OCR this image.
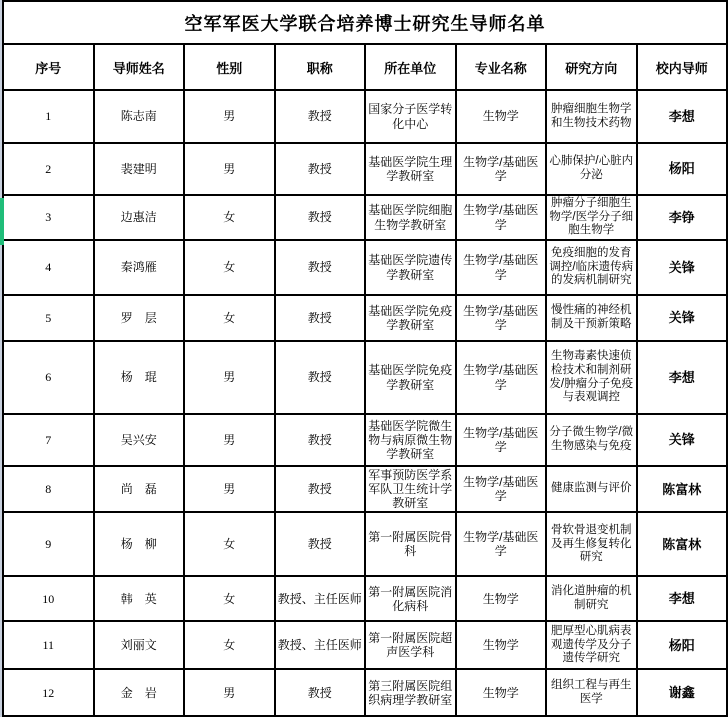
空军军医大学联合培养博士研究生导师名单							
序号	导师姓名	性别	职称	所在单位	专业名称	研究方向	校内导师
1	陈志南	男	教授	国家分子医学转化中心	生物学	肿瘤细胞生物学和生物技术药物	李想
2	裴建明	男	教授	基础医学院生理学教研室	生物学/基础医学	心肺保护/心脏内分泌	杨阳
3	边惠洁	女	教授	基础医学院细胞生物学教研室	生物学/基础医学	肿瘤分子细胞生物学/医学分子细胞生物学	李铮
4	秦鸿雁	女	教授	基础医学院遗传学教研室	生物学/基础医学	免疫细胞的发育调控/临床遗传病的发病机制研究	关锋
5	罗　层	女	教授	基础医学院免疫学教研室	生物学/基础医学	慢性痛的神经机制及干预新策略	关锋
6	杨　琨	男	教授	基础医学院免疫学教研室	生物学/基础医学	生物毒素快速侦检技术和制剂研发/肿瘤分子免疫与表观调控	李想
7	吴兴安	男	教授	基础医学院微生物与病原微生物学教研室	生物学/基础医学	分子微生物学/微生物感染与免疫	关锋
8	尚　磊	男	教授	军事预防医学系军队卫生统计学教研室	生物学/基础医学	健康监测与评价	陈富林
9	杨　柳	女	教授	第一附属医院骨科	生物学/基础医学	骨软骨退变机制及再生修复转化研究	陈富林
10	韩　英	女	教授、主任医师	第一附属医院消化病科	生物学	消化道肿瘤的机制研究	李想
11	刘丽文	女	教授、主任医师	第一附属医院超声医学科	生物学	肥厚型心肌病表观遗传学及分子遗传学研究	杨阳
12	金　岩	男	教授	第三附属医院组织病理学教研室	生物学	组织工程与再生医学	谢鑫
